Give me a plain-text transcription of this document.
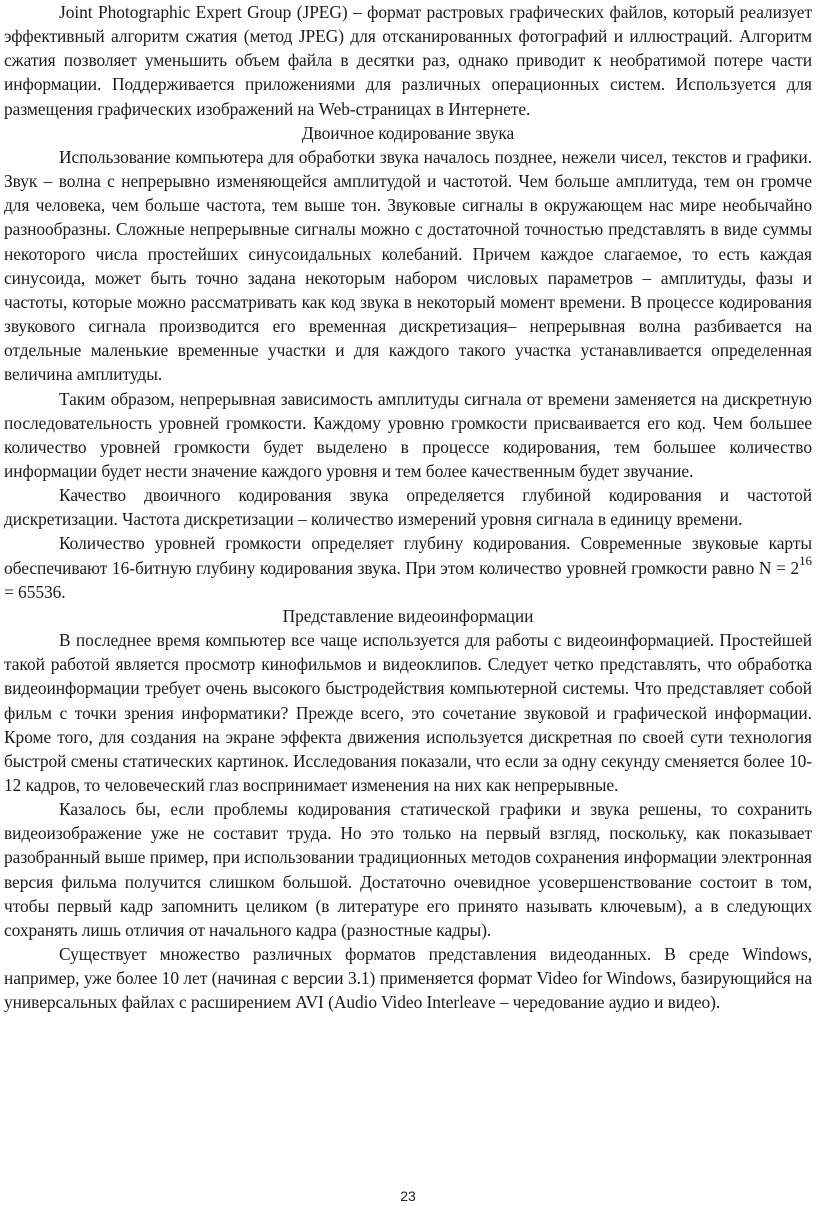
Joint Photographic Expert Group (JPEG) – формат растровых графических файлов, который реализует эффективный алгоритм сжатия (метод JPEG) для отсканированных фотографий и иллюстраций. Алгоритм сжатия позволяет уменьшить объем файла в десятки раз, однако приводит к необратимой потере части информации. Поддерживается приложениями для различных операционных систем. Используется для размещения графических изображений на Web-страницах в Интернете.

Двоичное кодирование звука

Использование компьютера для обработки звука началось позднее, нежели чисел, текстов и графики. Звук – волна с непрерывно изменяющейся амплитудой и частотой. Чем больше амплитуда, тем он громче для человека, чем больше частота, тем выше тон. Звуковые сигналы в окружающем нас мире необычайно разнообразны. Сложные непрерывные сигналы можно с достаточной точностью представлять в виде суммы некоторого числа простейших синусоидальных колебаний. Причем каждое слагаемое, то есть каждая синусоида, может быть точно задана некоторым набором числовых параметров – амплитуды, фазы и частоты, которые можно рассматривать как код звука в некоторый момент времени. В процессе кодирования звукового сигнала производится его временная дискретизация– непрерывная волна разбивается на отдельные маленькие временные участки и для каждого такого участка устанавливается определенная величина амплитуды.

Таким образом, непрерывная зависимость амплитуды сигнала от времени заменяется на дискретную последовательность уровней громкости. Каждому уровню громкости присваивается его код. Чем большее количество уровней громкости будет выделено в процессе кодирования, тем большее количество информации будет нести значение каждого уровня и тем более качественным будет звучание.

Качество двоичного кодирования звука определяется глубиной кодирования и частотой дискретизации. Частота дискретизации – количество измерений уровня сигнала в единицу времени.

Количество уровней громкости определяет глубину кодирования. Современные звуковые карты обеспечивают 16-битную глубину кодирования звука. При этом количество уровней громкости равно $N = 2^{16} = 65536$.

Представление видеоинформации

В последнее время компьютер все чаще используется для работы с видеоинформацией. Простейшей такой работой является просмотр кинофильмов и видеоклипов. Следует четко представлять, что обработка видеоинформации требует очень высокого быстродействия компьютерной системы. Что представляет собой фильм с точки зрения информатики? Прежде всего, это сочетание звуковой и графической информации. Кроме того, для создания на экране эффекта движения используется дискретная по своей сути технология быстрой смены статических картинок. Исследования показали, что если за одну секунду сменяется более 10-12 кадров, то человеческий глаз воспринимает изменения на них как непрерывные.

Казалось бы, если проблемы кодирования статической графики и звука решены, то сохранить видеоизображение уже не составит труда. Но это только на первый взгляд, поскольку, как показывает разобранный выше пример, при использовании традиционных методов сохранения информации электронная версия фильма получится слишком большой. Достаточно очевидное усовершенствование состоит в том, чтобы первый кадр запомнить целиком (в литературе его принято называть ключевым), а в следующих сохранять лишь отличия от начального кадра (разностные кадры).

Существует множество различных форматов представления видеоданных. В среде Windows, например, уже более 10 лет (начиная с версии 3.1) применяется формат Video for Windows, базирующийся на универсальных файлах с расширением AVI (Audio Video Interleave – чередование аудио и видео).

23
